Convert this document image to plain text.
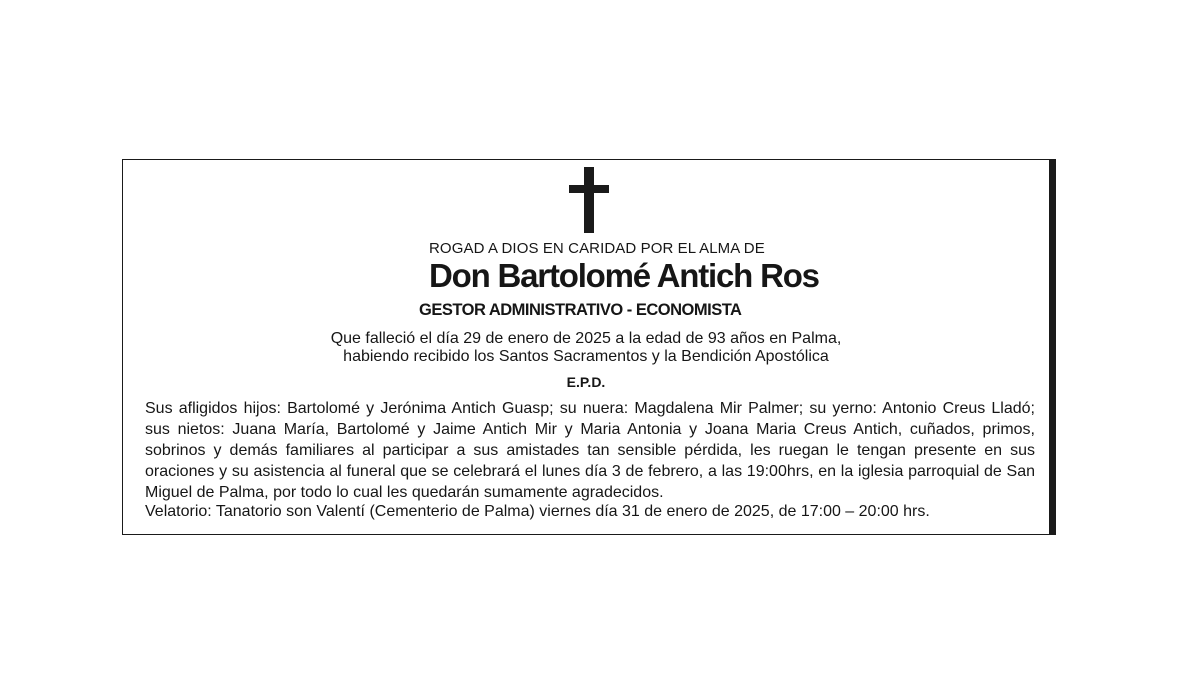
ROGAD A DIOS EN CARIDAD POR EL ALMA DE
Don Bartolomé Antich Ros
GESTOR ADMINISTRATIVO - ECONOMISTA
Que falleció el día 29 de enero de 2025 a la edad de 93 años en Palma,
habiendo recibido los Santos Sacramentos y la Bendición Apostólica
E.P.D.

Sus afligidos hijos: Bartolomé y Jerónima Antich Guasp; su nuera: Magdalena Mir Palmer; su yerno: Antonio Creus Lladó; sus nietos: Juana María, Bartolomé y Jaime Antich Mir y Maria Antonia y Joana Maria Creus Antich, cuñados, primos, sobrinos y demás familiares al participar a sus amistades tan sensible pérdida, les ruegan le tengan presente en sus oraciones y su asistencia al funeral que se celebrará el lunes día 3 de febrero, a las 19:00hrs, en la iglesia parroquial de San Miguel de Palma, por todo lo cual les quedarán sumamente agradecidos.

Velatorio: Tanatorio son Valentí (Cementerio de Palma) viernes día 31 de enero de 2025, de 17:00 – 20:00 hrs.
